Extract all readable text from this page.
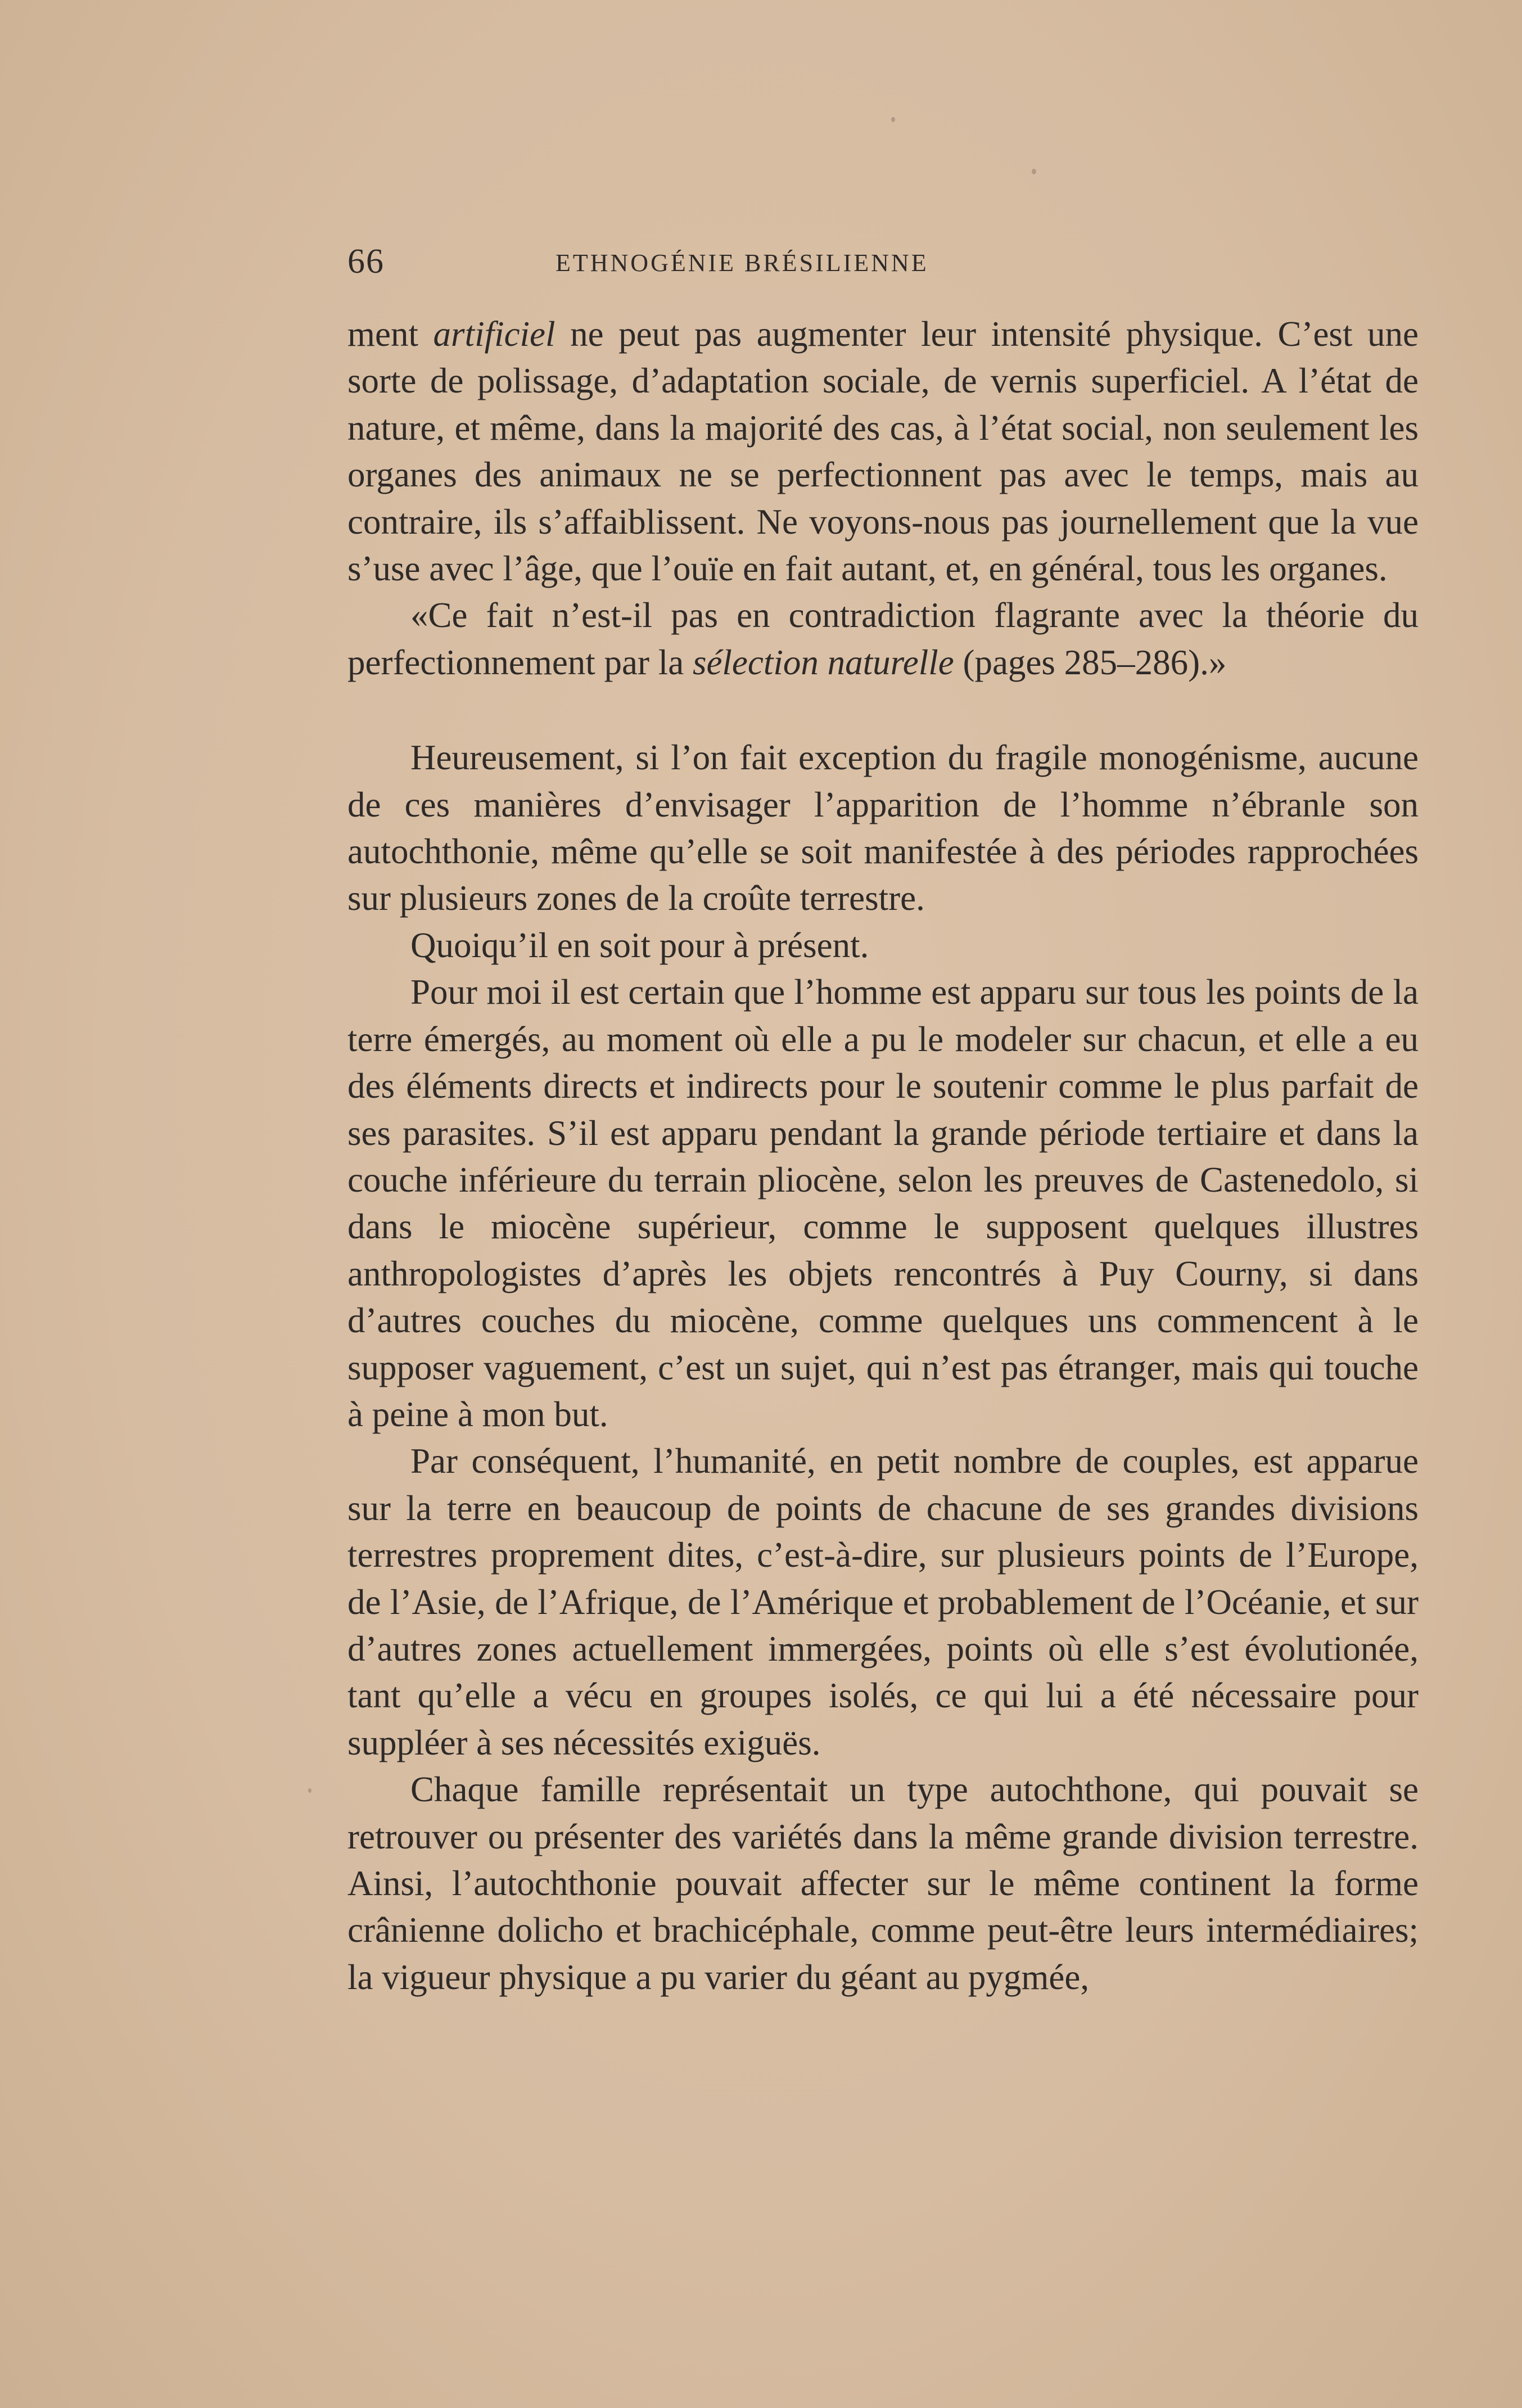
66	ETHNOGÉNIE BRÉSILIENNE

ment artificiel ne peut pas augmenter leur intensité physique. C’est une sorte de polissage, d’adaptation sociale, de vernis superficiel. A l’état de nature, et même, dans la majorité des cas, à l’état social, non seulement les organes des animaux ne se perfectionnent pas avec le temps, mais au contraire, ils s’affaiblissent. Ne voyons-nous pas journellement que la vue s’use avec l’âge, que l’ouïe en fait autant, et, en général, tous les organes.

«Ce fait n’est-il pas en contradiction flagrante avec la théorie du perfectionnement par la sélection naturelle (pages 285–286).»

Heureusement, si l’on fait exception du fragile monogénisme, aucune de ces manières d’envisager l’apparition de l’homme n’ébranle son autochthonie, même qu’elle se soit manifestée à des périodes rapprochées sur plusieurs zones de la croûte terrestre.

Quoiqu’il en soit pour à présent.

Pour moi il est certain que l’homme est apparu sur tous les points de la terre émergés, au moment où elle a pu le modeler sur chacun, et elle a eu des éléments directs et indirects pour le soutenir comme le plus parfait de ses parasites. S’il est apparu pendant la grande période tertiaire et dans la couche inférieure du terrain pliocène, selon les preuves de Castenedolo, si dans le miocène supérieur, comme le supposent quelques illustres anthropologistes d’après les objets rencontrés à Puy Courny, si dans d’autres couches du miocène, comme quelques uns commencent à le supposer vaguement, c’est un sujet, qui n’est pas étranger, mais qui touche à peine à mon but.

Par conséquent, l’humanité, en petit nombre de couples, est apparue sur la terre en beaucoup de points de chacune de ses grandes divisions terrestres proprement dites, c’est-à-dire, sur plusieurs points de l’Europe, de l’Asie, de l’Afrique, de l’Amérique et probablement de l’Océanie, et sur d’autres zones actuellement immergées, points où elle s’est évolutionée, tant qu’elle a vécu en groupes isolés, ce qui lui a été nécessaire pour suppléer à ses nécessités exiguës.

Chaque famille représentait un type autochthone, qui pouvait se retrouver ou présenter des variétés dans la même grande division terrestre. Ainsi, l’autochthonie pouvait affecter sur le même continent la forme crânienne dolicho et brachicéphale, comme peut-être leurs intermédiaires; la vigueur physique a pu varier du géant au pygmée,
